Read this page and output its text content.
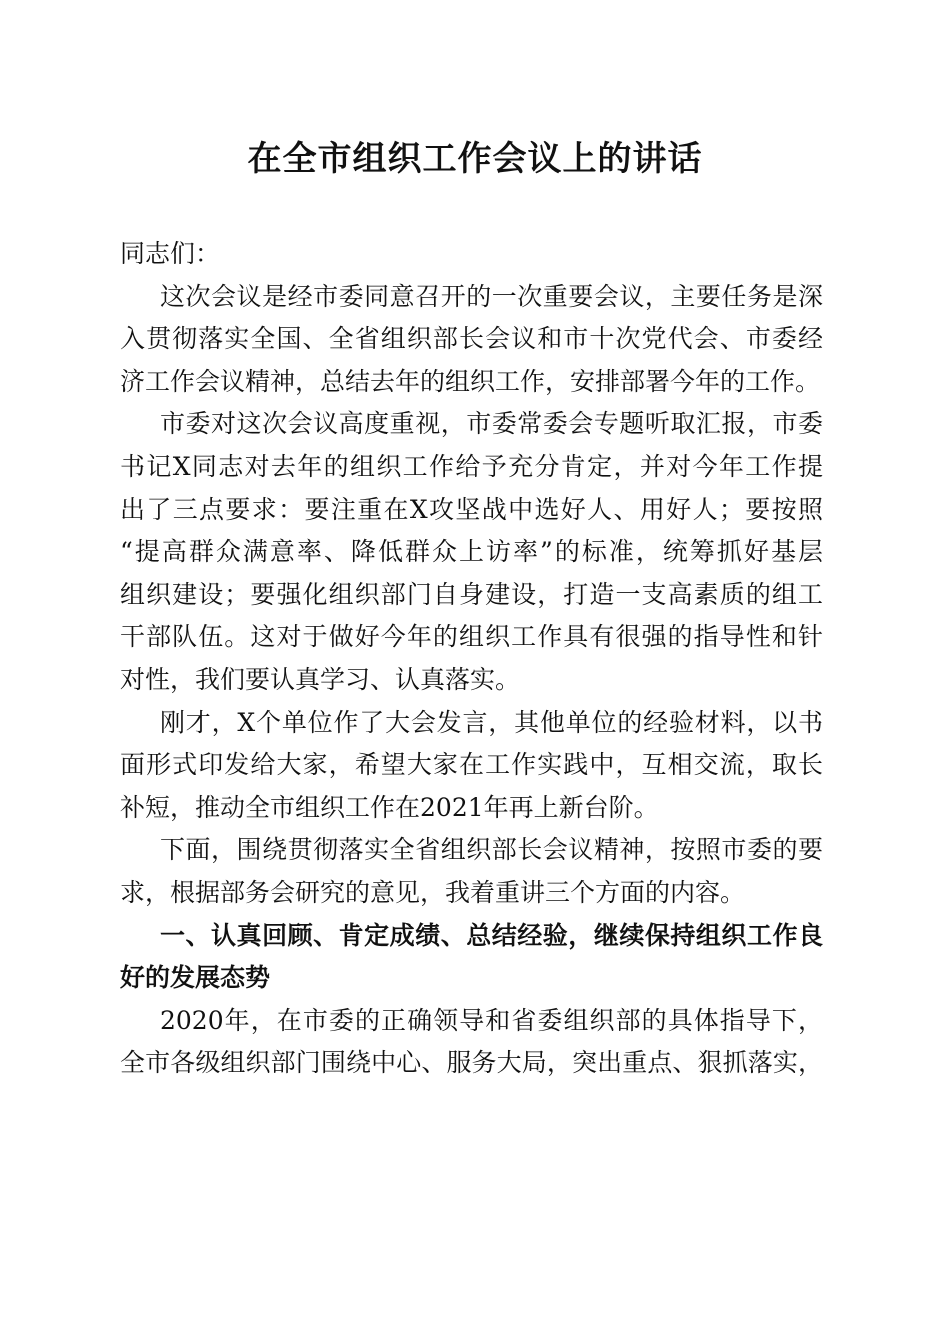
在全市组织工作会议上的讲话
同志们：
这次会议是经市委同意召开的一次重要会议，主要任务是深
入贯彻落实全国、全省组织部长会议和市十次党代会、市委经
济工作会议精神，总结去年的组织工作，安排部署今年的工作。
市委对这次会议高度重视，市委常委会专题听取汇报，市委
书记X同志对去年的组织工作给予充分肯定，并对今年工作提
出了三点要求：要注重在X攻坚战中选好人、用好人；要按照
“提高群众满意率、降低群众上访率”的标准，统筹抓好基层
组织建设；要强化组织部门自身建设，打造一支高素质的组工
干部队伍。这对于做好今年的组织工作具有很强的指导性和针
对性，我们要认真学习、认真落实。
刚才，X个单位作了大会发言，其他单位的经验材料，以书
面形式印发给大家，希望大家在工作实践中，互相交流，取长
补短，推动全市组织工作在2021年再上新台阶。
下面，围绕贯彻落实全省组织部长会议精神，按照市委的要
求，根据部务会研究的意见，我着重讲三个方面的内容。
一、认真回顾、肯定成绩、总结经验，继续保持组织工作良
好的发展态势
2020年，在市委的正确领导和省委组织部的具体指导下，
全市各级组织部门围绕中心、服务大局，突出重点、狠抓落实，
